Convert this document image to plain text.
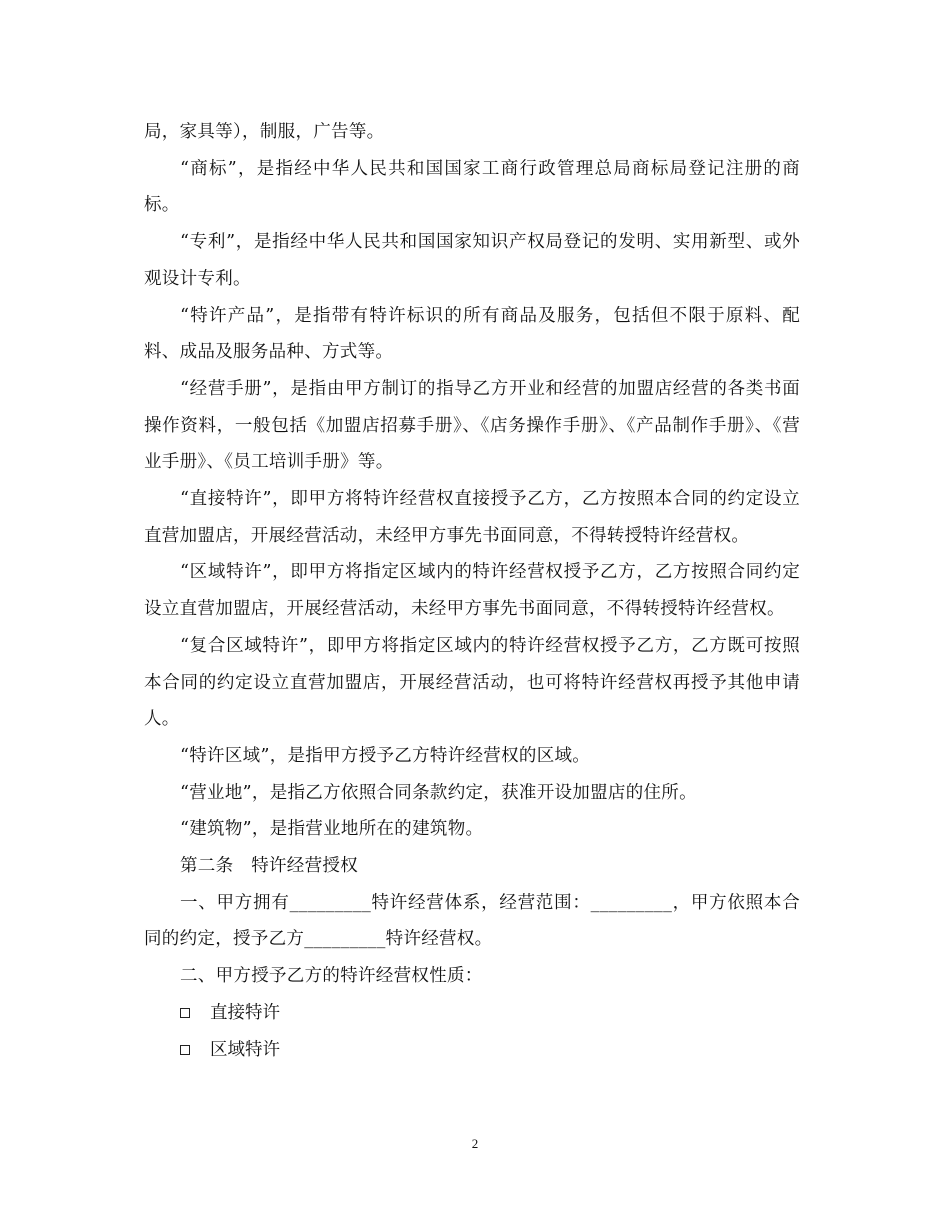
局，家具等），制服，广告等。

“商标”，是指经中华人民共和国国家工商行政管理总局商标局登记注册的商标。

“专利”，是指经中华人民共和国国家知识产权局登记的发明、实用新型、或外观设计专利。

“特许产品”，是指带有特许标识的所有商品及服务，包括但不限于原料、配料、成品及服务品种、方式等。

“经营手册”，是指由甲方制订的指导乙方开业和经营的加盟店经营的各类书面操作资料，一般包括《加盟店招募手册》、《店务操作手册》、《产品制作手册》、《营业手册》、《员工培训手册》等。

“直接特许”，即甲方将特许经营权直接授予乙方，乙方按照本合同的约定设立直营加盟店，开展经营活动，未经甲方事先书面同意，不得转授特许经营权。

“区域特许”，即甲方将指定区域内的特许经营权授予乙方，乙方按照合同约定设立直营加盟店，开展经营活动，未经甲方事先书面同意，不得转授特许经营权。

“复合区域特许”，即甲方将指定区域内的特许经营权授予乙方，乙方既可按照本合同的约定设立直营加盟店，开展经营活动，也可将特许经营权再授予其他申请人。

“特许区域”，是指甲方授予乙方特许经营权的区域。

“营业地”，是指乙方依照合同条款约定，获准开设加盟店的住所。

“建筑物”，是指营业地所在的建筑物。

第二条　特许经营授权

一、甲方拥有_________特许经营体系，经营范围：_________，甲方依照本合同的约定，授予乙方_________特许经营权。

二、甲方授予乙方的特许经营权性质：

直接特许
区域特许
2
